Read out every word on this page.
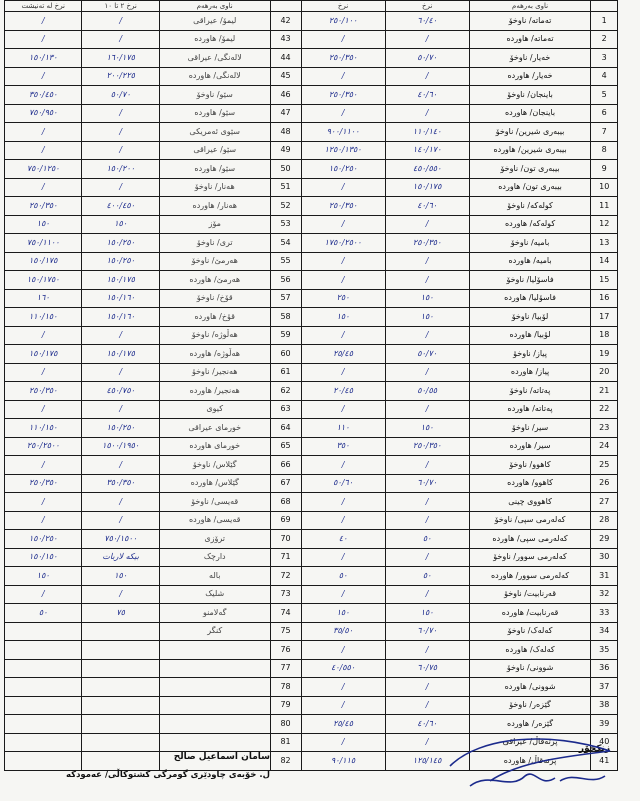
نرخ لە تەنیشت	نرخ ٢ تا ١٠	ناوی بەرهەم		نرخ	نرخ	ناوی بەرهەم	
/	/	لیمۆ/ عیراقی	42	٢٥٠/١٠٠	٦٠/٤٠	تەماتە/ ناوخۆ	1
/	/	لیمۆ/ هاوردە	43	/	/	تەماتە/ هاوردە	2
١٥٠/١٣٠	١٦٠/١٧٥	لالەنگی/ عیراقی	44	٢٥٠/٣٥٠	٥٠/٧٠	خەیار/ ناوخۆ	3
/	٢٠٠/٢٢٥	لالەنگی/ هاوردە	45	/	/	خەیار/ هاوردە	4
٣٥٠/٤٥٠	٥٠/٧٠	سێو/ ناوخۆ	46	٢٥٠/٣٥٠	٤٠/٦٠	باینجان/ ناوخۆ	5
٧٥٠/٩٥٠	/	سێو/ هاوردە	47	/	/	باینجان/ هاوردە	6
/	/	سێوی ئەمریکی	48	٩٠٠/١١٠٠	١١٠/١٤٠	بیبەری شیرین/ ناوخۆ	7
/	/	سێو/ عیراقی	49	١٢٥٠/١٣٥٠	١٤٠/١٧٠	بیبەری شیرین/ هاوردە	8
٧٥٠/١٢٥٠	١٥٠/٢٠٠	سێو/ هاوردە	50	١٥٠/٢٥٠	٤٥٠/٥٥٠	بیبەری تون/ ناوخۆ	9
/	/	هەنار/ ناوخۆ	51	/	١٥٠/١٧٥	بیبەری تون/ هاوردە	10
٢٥٠/٣٥٠	٤٠٠/٤٥٠	هەنار/ هاوردە	52	٢٥٠/٣٥٠	٤٠/٦٠	کولەکە/ ناوخۆ	11
١٥٠	١٥٠	مۆز	53	/	/	کولەکە/ هاوردە	12
٧٥٠/١١٠٠	١٥٠/٢٥٠	تری/ ناوخۆ	54	١٧٥٠/٢٥٠٠	٢٥٠/٣٥٠	بامیە/ ناوخۆ	13
١٥٠/١٧٥	١٥٠/٢٥٠	هەرمێ/ ناوخۆ	55	/	/	بامیە/ هاوردە	14
١٥٠/١٧٥٠	١٥٠/١٧٥	هەرمێ/ هاوردە	56	/	/	فاسۆلیا/ ناوخۆ	15
١٦٠	١٥٠/١٦٠	قۆخ/ ناوخۆ	57	٢٥٠	١٥٠	فاسۆلیا/ هاوردە	16
١١٠/١٥٠	١٥٠/١٦٠	قۆخ/ هاوردە	58	١٥٠	١٥٠	لۆبیا/ ناوخۆ	17
/	/	هەڵوژە/ ناوخۆ	59	/	/	لۆبیا/ هاوردە	18
١٥٠/١٧٥	١٥٠/١٧٥	هەڵوژە/ هاوردە	60	٢٥/٤٥	٥٠/٧٠	پیاز/ ناوخۆ	19
/	/	هەنجیر/ ناوخۆ	61	/	/	پیاز/ هاوردە	20
٢٥٠/٣٥٠	٤٥٠/٧٥٠	هەنجیر/ هاوردە	62	٢٠/٤٥	٥٠/٥٥	پەتاتە/ ناوخۆ	21
/	/	کیوی	63	/	/	پەتاتە/ هاوردە	22
١١٠/١٥٠	١٥٠/٢٥٠	خورمای عیراقی	64	١١٠	١٥٠	سیر/ ناوخۆ	23
٢٥٠/٢٥٠٠	١٥٠٠/١٩٥٠	خورمای هاوردە	65	٣٥٠	٢٥٠/٣٥٠	سیر/ هاوردە	24
/	/	گێلاس/ ناوخۆ	66	/	/	کاهوو/ ناوخۆ	25
٢٥٠/٣٥٠	٣٥٠/٣٥٠	گێلاس/ هاوردە	67	٥٠/٦٠	٦٠/٧٠	کاهوو/ هاوردە	26
/	/	قەیسی/ ناوخۆ	68	/	/	کاهووی چینی	27
/	/	قەیسی/ هاوردە	69	/	/	کەلەرمی سپی/ ناوخۆ	28
١٥٠/٢٥٠	٧٥٠/١٥٠٠	ترۆزی	70	٤٠	٥٠	کەلەرمی سپی/ هاوردە	29
١٥٠/١٥٠	بیکە لاربات	دارچک	71	/	/	کەلەرمی سوور/ ناوخۆ	30
١٥٠	١٥٠	بالە	72	٥٠	٥٠	کەلەرمی سوور/ هاوردە	31
/	/	شلیک	73	/	/	قەرنابیت/ ناوخۆ	32
٥٠	٧٥	گەلامنو	74	١٥٠	١٥٠	قەرنابیت/ هاوردە	33
		کنگر	75	٣٥/٥٠	٦٠/٧٠	کەلەک/ ناوخۆ	34
			76	/	/	کەلەک/ هاوردە	35
			77	٤٠/٥٥٠	٦٠/٧٥	شوونی/ ناوخۆ	36
			78	/	/	شوونی/ هاوردە	37
			79	/	/	گێزەر/ ناوخۆ	38
			80	٢٥/٤٥	٤٠/٦٠	گێزەر/ هاوردە	39
			81	/	/	پرتەقاڵ/ عیراقی	40
			82	٩٠/١١٥	١٢٥/١٤٥	پرتەقاڵ/ هاوردە	41
سامان اسماعیل صالح
ل. خۆبەی چاودێری گومرگی کشتوکاڵی/ عەمودکە
زنکخۆر
